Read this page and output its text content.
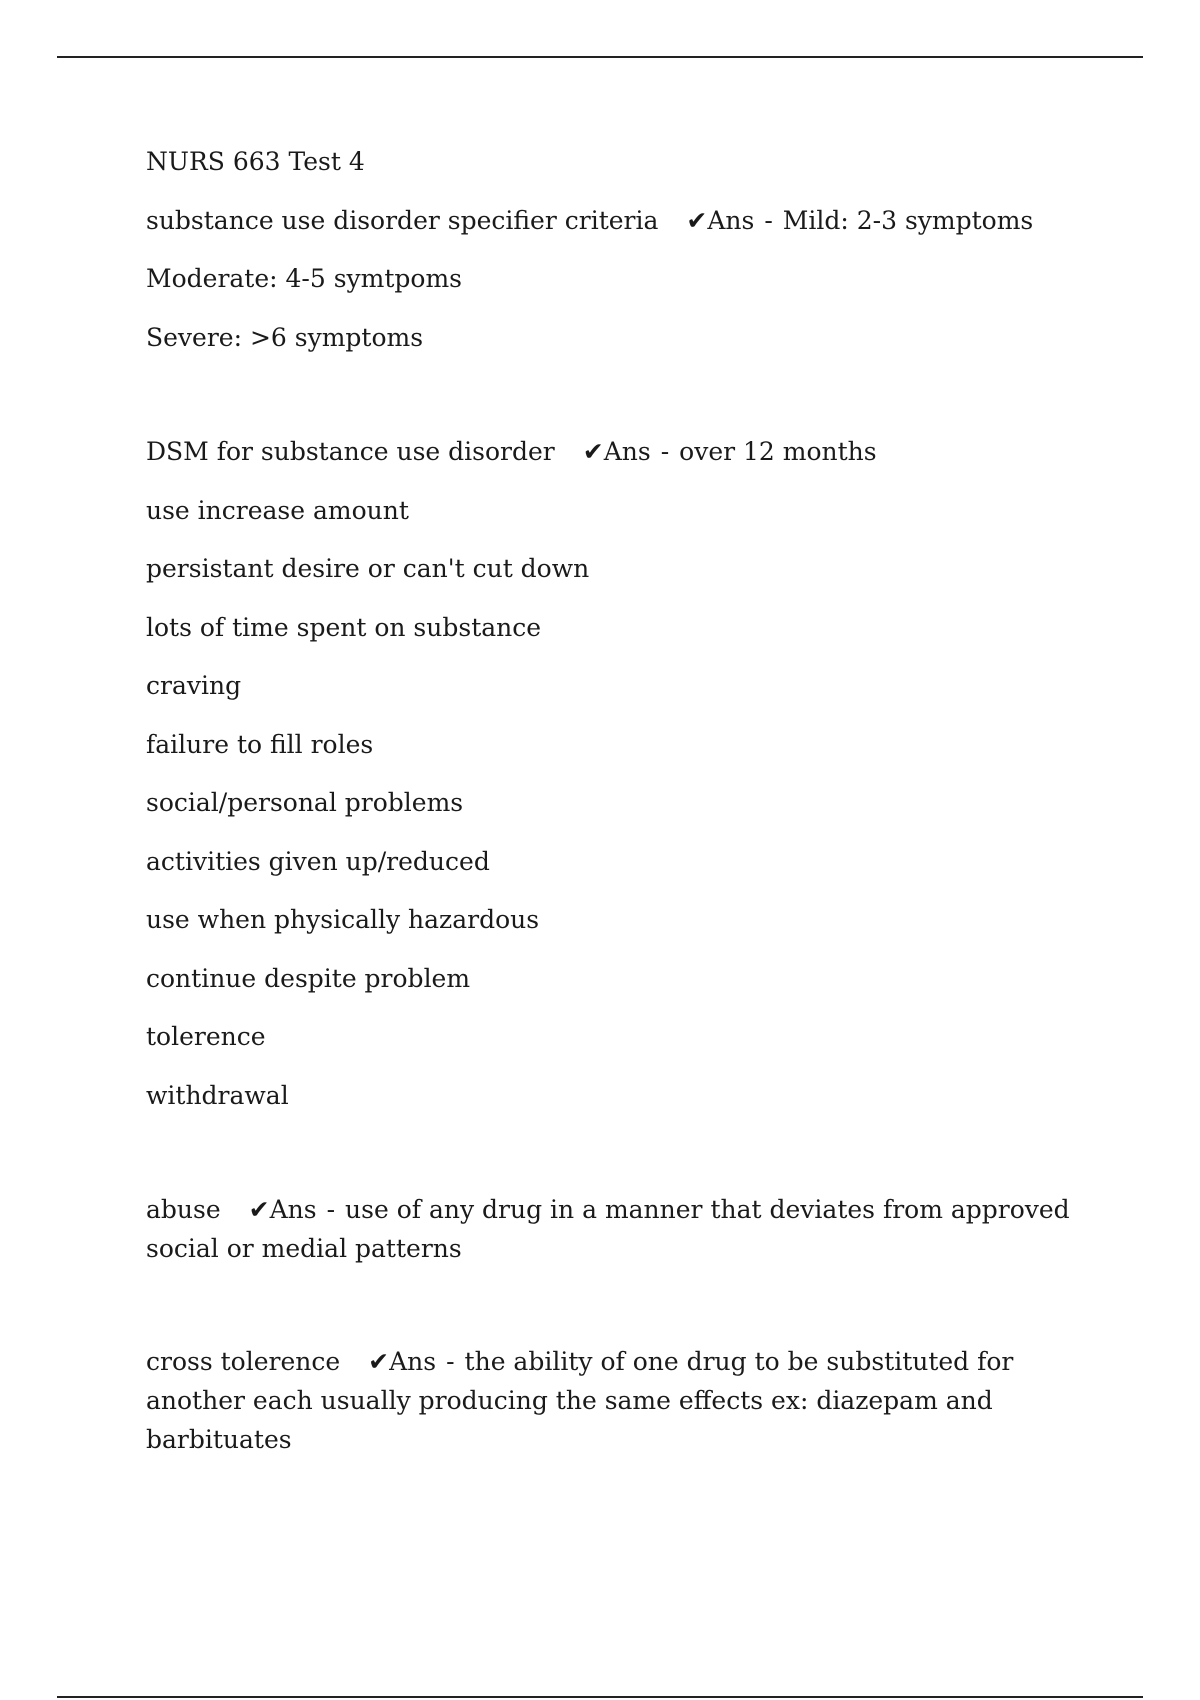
NURS 663 Test 4
substance use disorder specifier criteria ✔Ans - Mild: 2-3 symptoms
Moderate: 4-5 symtpoms
Severe: >6 symptoms
DSM for substance use disorder ✔Ans - over 12 months
use increase amount
persistant desire or can't cut down
lots of time spent on substance
craving
failure to fill roles
social/personal problems
activities given up/reduced
use when physically hazardous
continue despite problem
tolerence
withdrawal
abuse ✔Ans - use of any drug in a manner that deviates from approved social or medial patterns
cross tolerence ✔Ans - the ability of one drug to be substituted for another each usually producing the same effects ex: diazepam and barbituates
